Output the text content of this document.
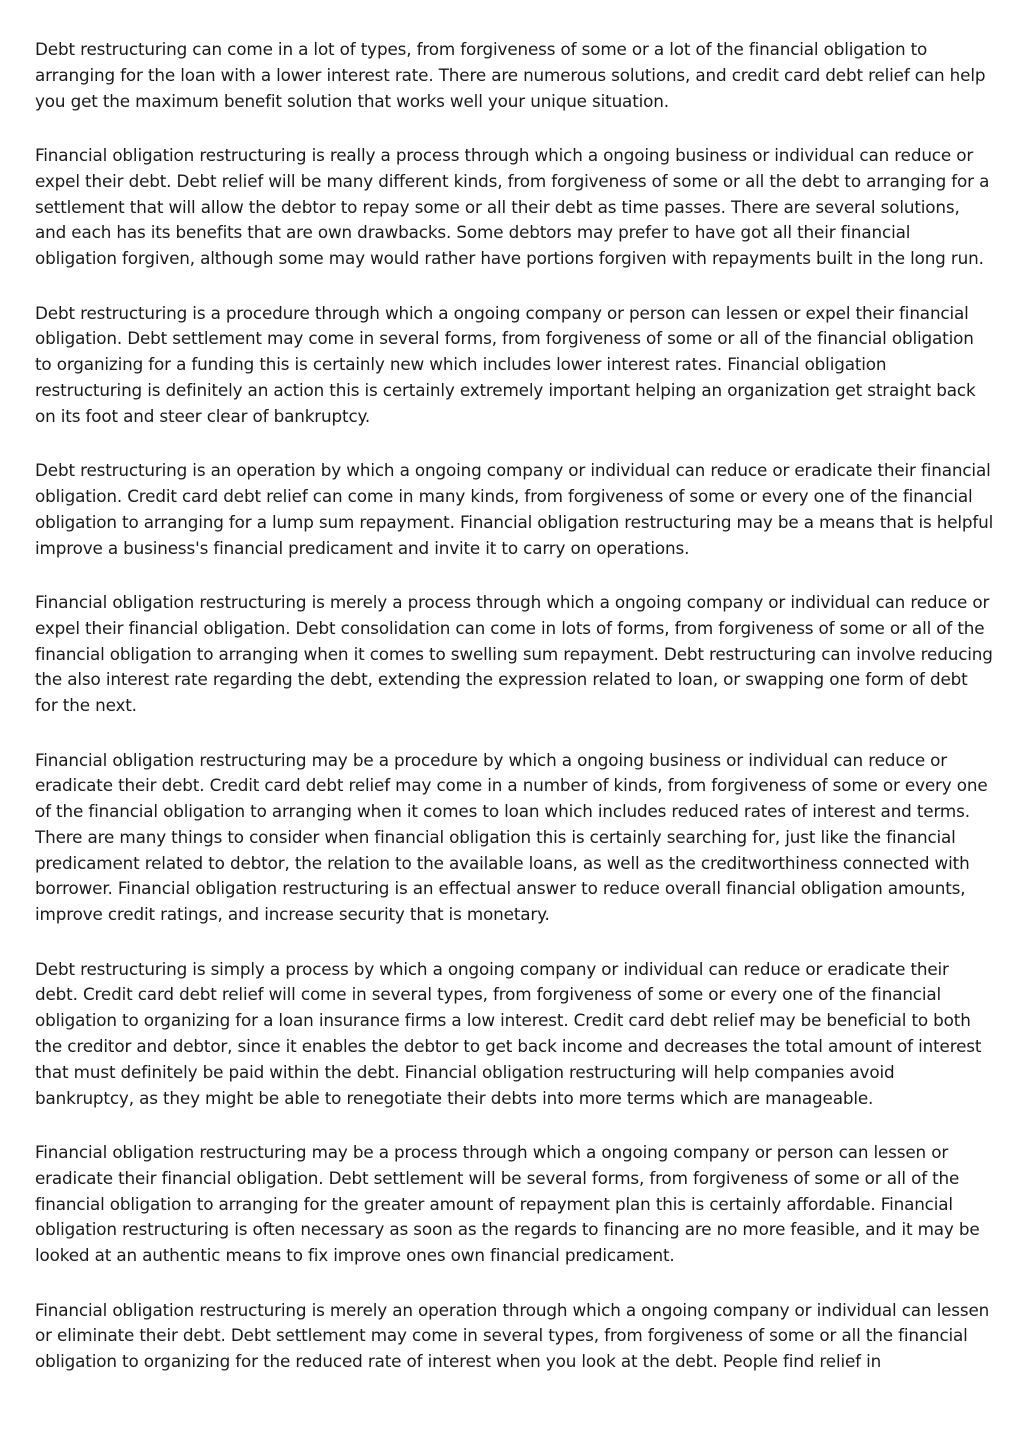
Debt restructuring can come in a lot of types, from forgiveness of some or a lot of the financial obligation to arranging for the loan with a lower interest rate. There are numerous solutions, and credit card debt relief can help you get the maximum benefit solution that works well your unique situation.

Financial obligation restructuring is really a process through which a ongoing business or individual can reduce or expel their debt. Debt relief will be many different kinds, from forgiveness of some or all the debt to arranging for a settlement that will allow the debtor to repay some or all their debt as time passes. There are several solutions, and each has its benefits that are own drawbacks. Some debtors may prefer to have got all their financial obligation forgiven, although some may would rather have portions forgiven with repayments built in the long run.

Debt restructuring is a procedure through which a ongoing company or person can lessen or expel their financial obligation. Debt settlement may come in several forms, from forgiveness of some or all of the financial obligation to organizing for a funding this is certainly new which includes lower interest rates. Financial obligation restructuring is definitely an action this is certainly extremely important helping an organization get straight back on its foot and steer clear of bankruptcy.

Debt restructuring is an operation by which a ongoing company or individual can reduce or eradicate their financial obligation. Credit card debt relief can come in many kinds, from forgiveness of some or every one of the financial obligation to arranging for a lump sum repayment. Financial obligation restructuring may be a means that is helpful improve a business's financial predicament and invite it to carry on operations.

Financial obligation restructuring is merely a process through which a ongoing company or individual can reduce or expel their financial obligation. Debt consolidation can come in lots of forms, from forgiveness of some or all of the financial obligation to arranging when it comes to swelling sum repayment. Debt restructuring can involve reducing the also interest rate regarding the debt, extending the expression related to loan, or swapping one form of debt for the next.

Financial obligation restructuring may be a procedure by which a ongoing business or individual can reduce or eradicate their debt. Credit card debt relief may come in a number of kinds, from forgiveness of some or every one of the financial obligation to arranging when it comes to loan which includes reduced rates of interest and terms. There are many things to consider when financial obligation this is certainly searching for, just like the financial predicament related to debtor, the relation to the available loans, as well as the creditworthiness connected with borrower. Financial obligation restructuring is an effectual answer to reduce overall financial obligation amounts, improve credit ratings, and increase security that is monetary.

Debt restructuring is simply a process by which a ongoing company or individual can reduce or eradicate their debt. Credit card debt relief will come in several types, from forgiveness of some or every one of the financial obligation to organizing for a loan insurance firms a low interest. Credit card debt relief may be beneficial to both the creditor and debtor, since it enables the debtor to get back income and decreases the total amount of interest that must definitely be paid within the debt. Financial obligation restructuring will help companies avoid bankruptcy, as they might be able to renegotiate their debts into more terms which are manageable.

Financial obligation restructuring may be a process through which a ongoing company or person can lessen or eradicate their financial obligation. Debt settlement will be several forms, from forgiveness of some or all of the financial obligation to arranging for the greater amount of repayment plan this is certainly affordable. Financial obligation restructuring is often necessary as soon as the regards to financing are no more feasible, and it may be looked at an authentic means to fix improve ones own financial predicament.

Financial obligation restructuring is merely an operation through which a ongoing company or individual can lessen or eliminate their debt. Debt settlement may come in several types, from forgiveness of some or all the financial obligation to organizing for the reduced rate of interest when you look at the debt. People find relief in
